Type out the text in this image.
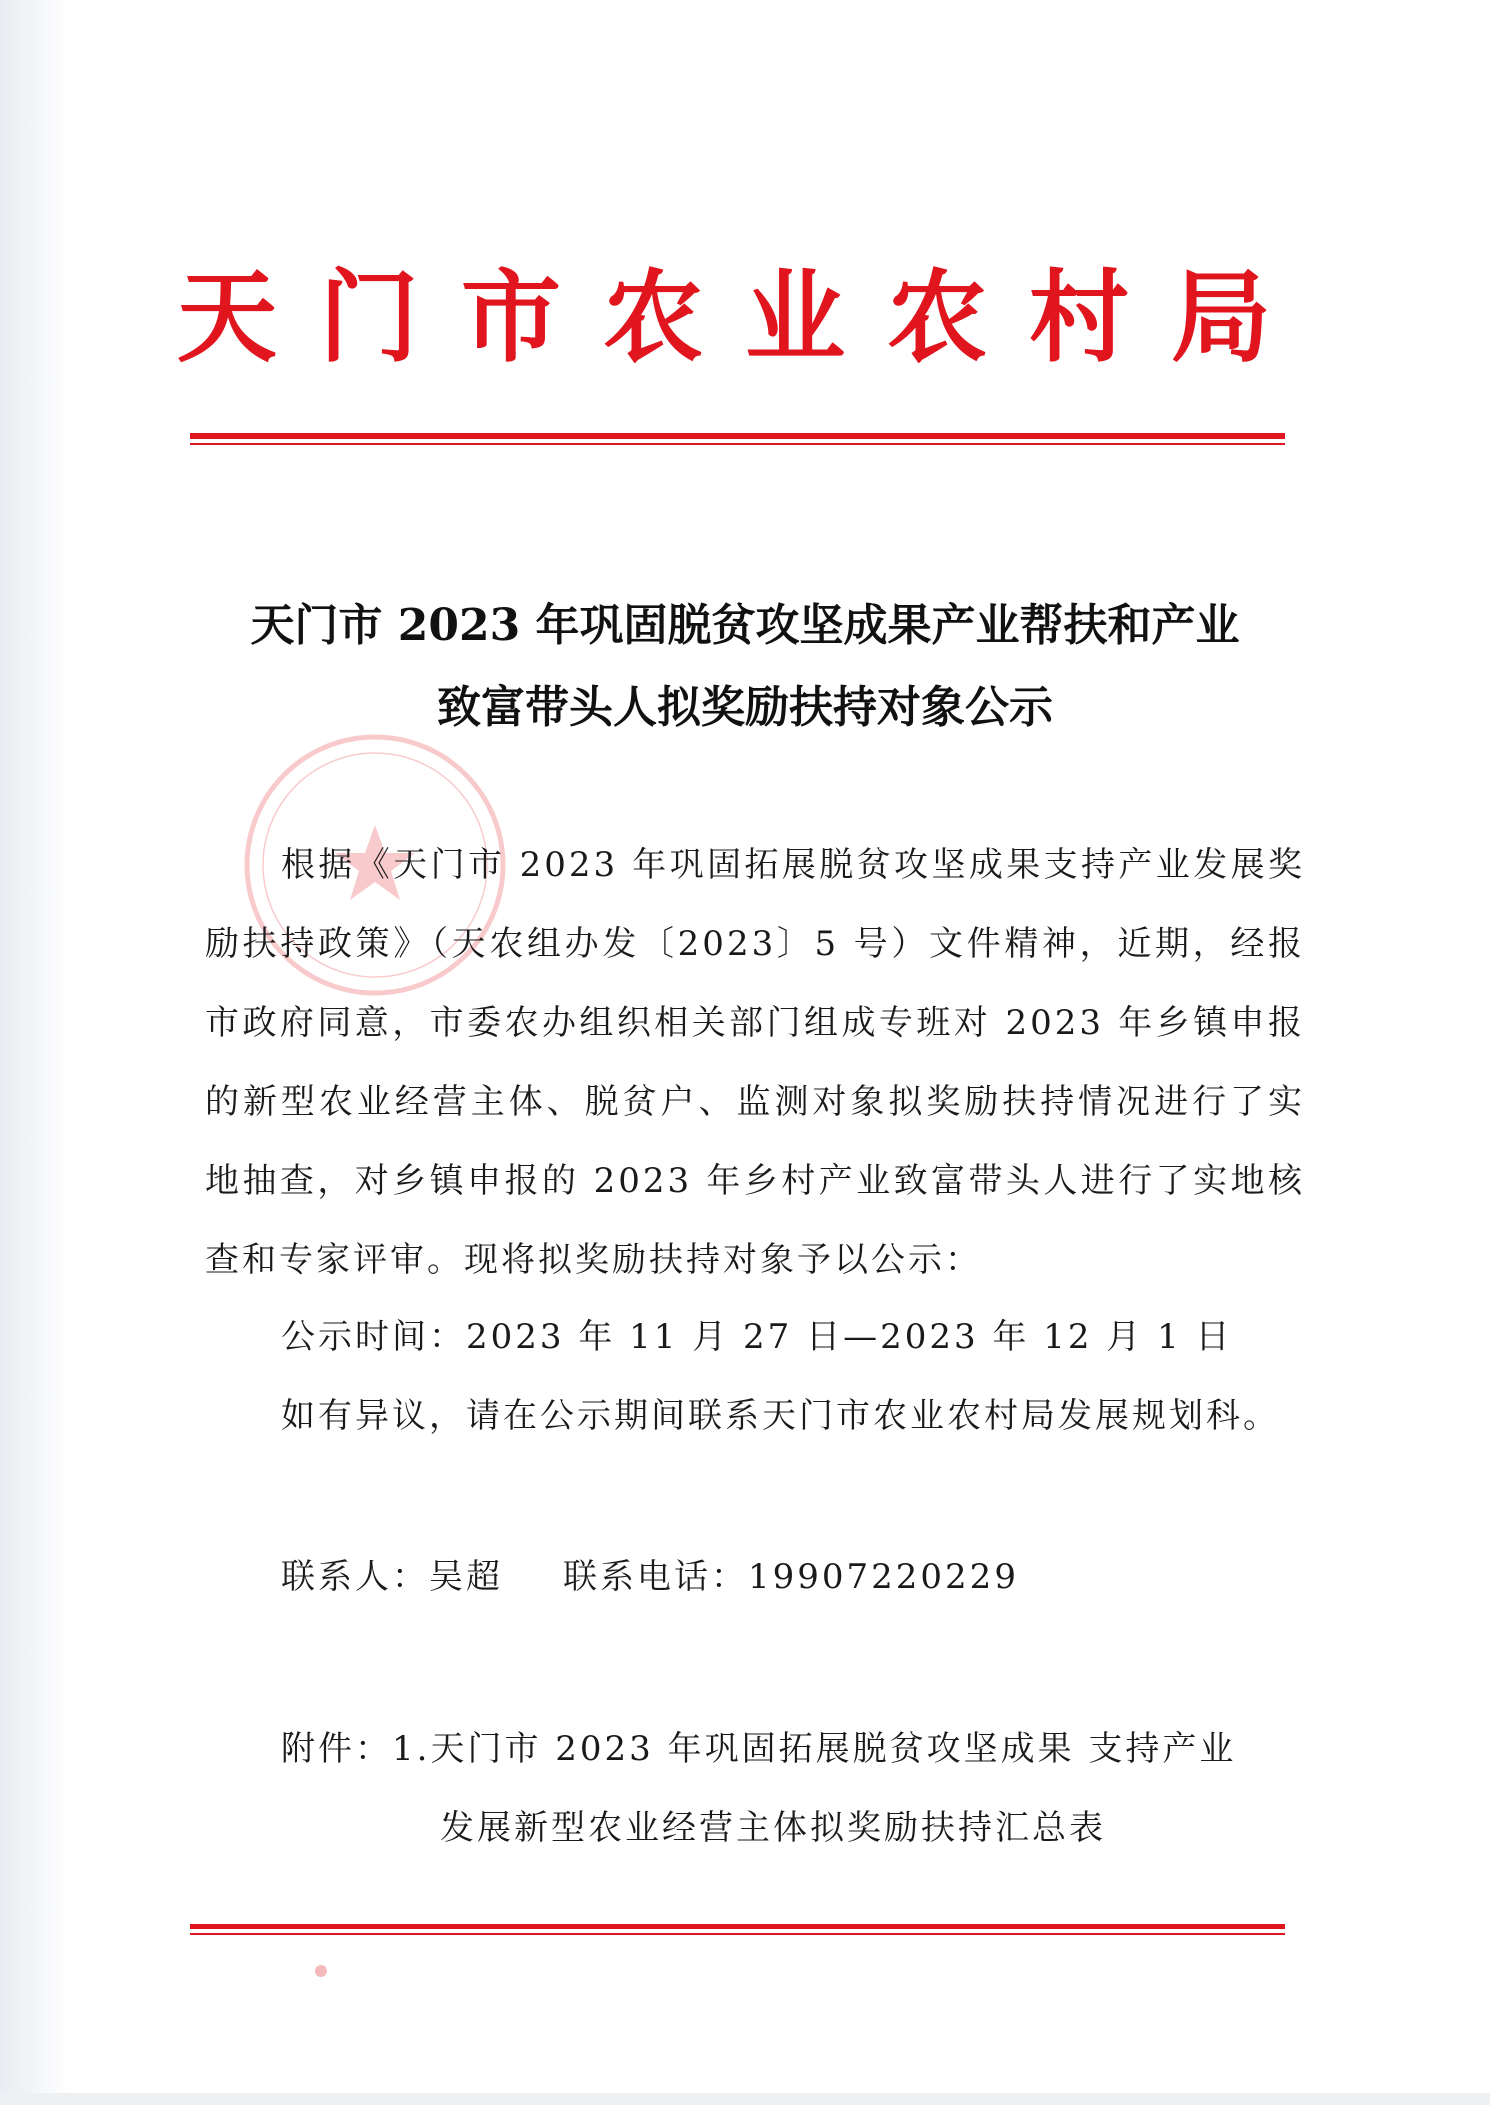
天门市农业农村局
天门市 2023 年巩固脱贫攻坚成果产业帮扶和产业
致富带头人拟奖励扶持对象公示

根据《天门市 2023 年巩固拓展脱贫攻坚成果支持产业发展奖励扶持政策》（天农组办发〔2023〕5 号）文件精神，近期，经报市政府同意，市委农办组织相关部门组成专班对 2023 年乡镇申报的新型农业经营主体、脱贫户、监测对象拟奖励扶持情况进行了实地抽查，对乡镇申报的 2023 年乡村产业致富带头人进行了实地核查和专家评审。现将拟奖励扶持对象予以公示：

公示时间：2023 年 11 月 27 日—2023 年 12 月 1 日

如有异议，请在公示期间联系天门市农业农村局发展规划科。

联系人：吴超 联系电话：19907220229

附件：1.天门市 2023 年巩固拓展脱贫攻坚成果 支持产业
发展新型农业经营主体拟奖励扶持汇总表
